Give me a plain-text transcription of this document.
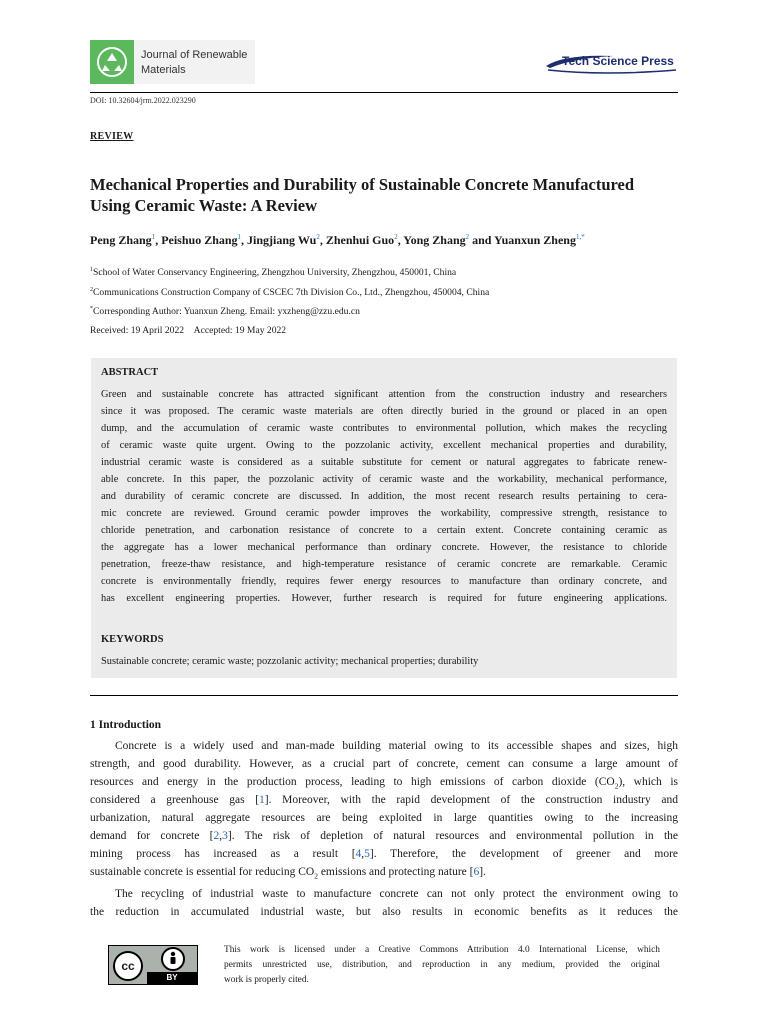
Journal of Renewable
Materials
Tech Science Press
DOI: 10.32604/jrm.2022.023290
REVIEW
Mechanical Properties and Durability of Sustainable Concrete Manufactured
Using Ceramic Waste: A Review
Peng Zhang$^1$, Peishuo Zhang$^1$, Jingjiang Wu$^2$, Zhenhui Guo$^2$, Yong Zhang$^2$ and Yuanxun Zheng$^{1,*}$
$^1$School of Water Conservancy Engineering, Zhengzhou University, Zhengzhou, 450001, China
$^2$Communications Construction Company of CSCEC 7th Division Co., Ltd., Zhengzhou, 450004, China
*Corresponding Author: Yuanxun Zheng. Email: yxzheng@zzu.edu.cn
Received: 19 April 2022 Accepted: 19 May 2022
ABSTRACT
Green and sustainable concrete has attracted significant attention from the construction industry and researchers
since it was proposed. The ceramic waste materials are often directly buried in the ground or placed in an open
dump, and the accumulation of ceramic waste contributes to environmental pollution, which makes the recycling
of ceramic waste quite urgent. Owing to the pozzolanic activity, excellent mechanical properties and durability,
industrial ceramic waste is considered as a suitable substitute for cement or natural aggregates to fabricate renew-
able concrete. In this paper, the pozzolanic activity of ceramic waste and the workability, mechanical performance,
and durability of ceramic concrete are discussed. In addition, the most recent research results pertaining to cera-
mic concrete are reviewed. Ground ceramic powder improves the workability, compressive strength, resistance to
chloride penetration, and carbonation resistance of concrete to a certain extent. Concrete containing ceramic as
the aggregate has a lower mechanical performance than ordinary concrete. However, the resistance to chloride
penetration, freeze-thaw resistance, and high-temperature resistance of ceramic concrete are remarkable. Ceramic
concrete is environmentally friendly, requires fewer energy resources to manufacture than ordinary concrete, and
has excellent engineering properties. However, further research is required for future engineering applications.
KEYWORDS
Sustainable concrete; ceramic waste; pozzolanic activity; mechanical properties; durability
1 Introduction
Concrete is a widely used and man-made building material owing to its accessible shapes and sizes, high
strength, and good durability. However, as a crucial part of concrete, cement can consume a large amount of
resources and energy in the production process, leading to high emissions of carbon dioxide $(CO_2)$, which is
considered a greenhouse gas [1]. Moreover, with the rapid development of the construction industry and
urbanization, natural aggregate resources are being exploited in large quantities owing to the increasing
demand for concrete [2,3]. The risk of depletion of natural resources and environmental pollution in the
mining process has increased as a result [4,5]. Therefore, the development of greener and more
sustainable concrete is essential for reducing $CO_2$ emissions and protecting nature [6].
The recycling of industrial waste to manufacture concrete can not only protect the environment owing to
the reduction in accumulated industrial waste, but also results in economic benefits as it reduces the
cc
BY
This work is licensed under a Creative Commons Attribution 4.0 International License, which
permits unrestricted use, distribution, and reproduction in any medium, provided the original
work is properly cited.
